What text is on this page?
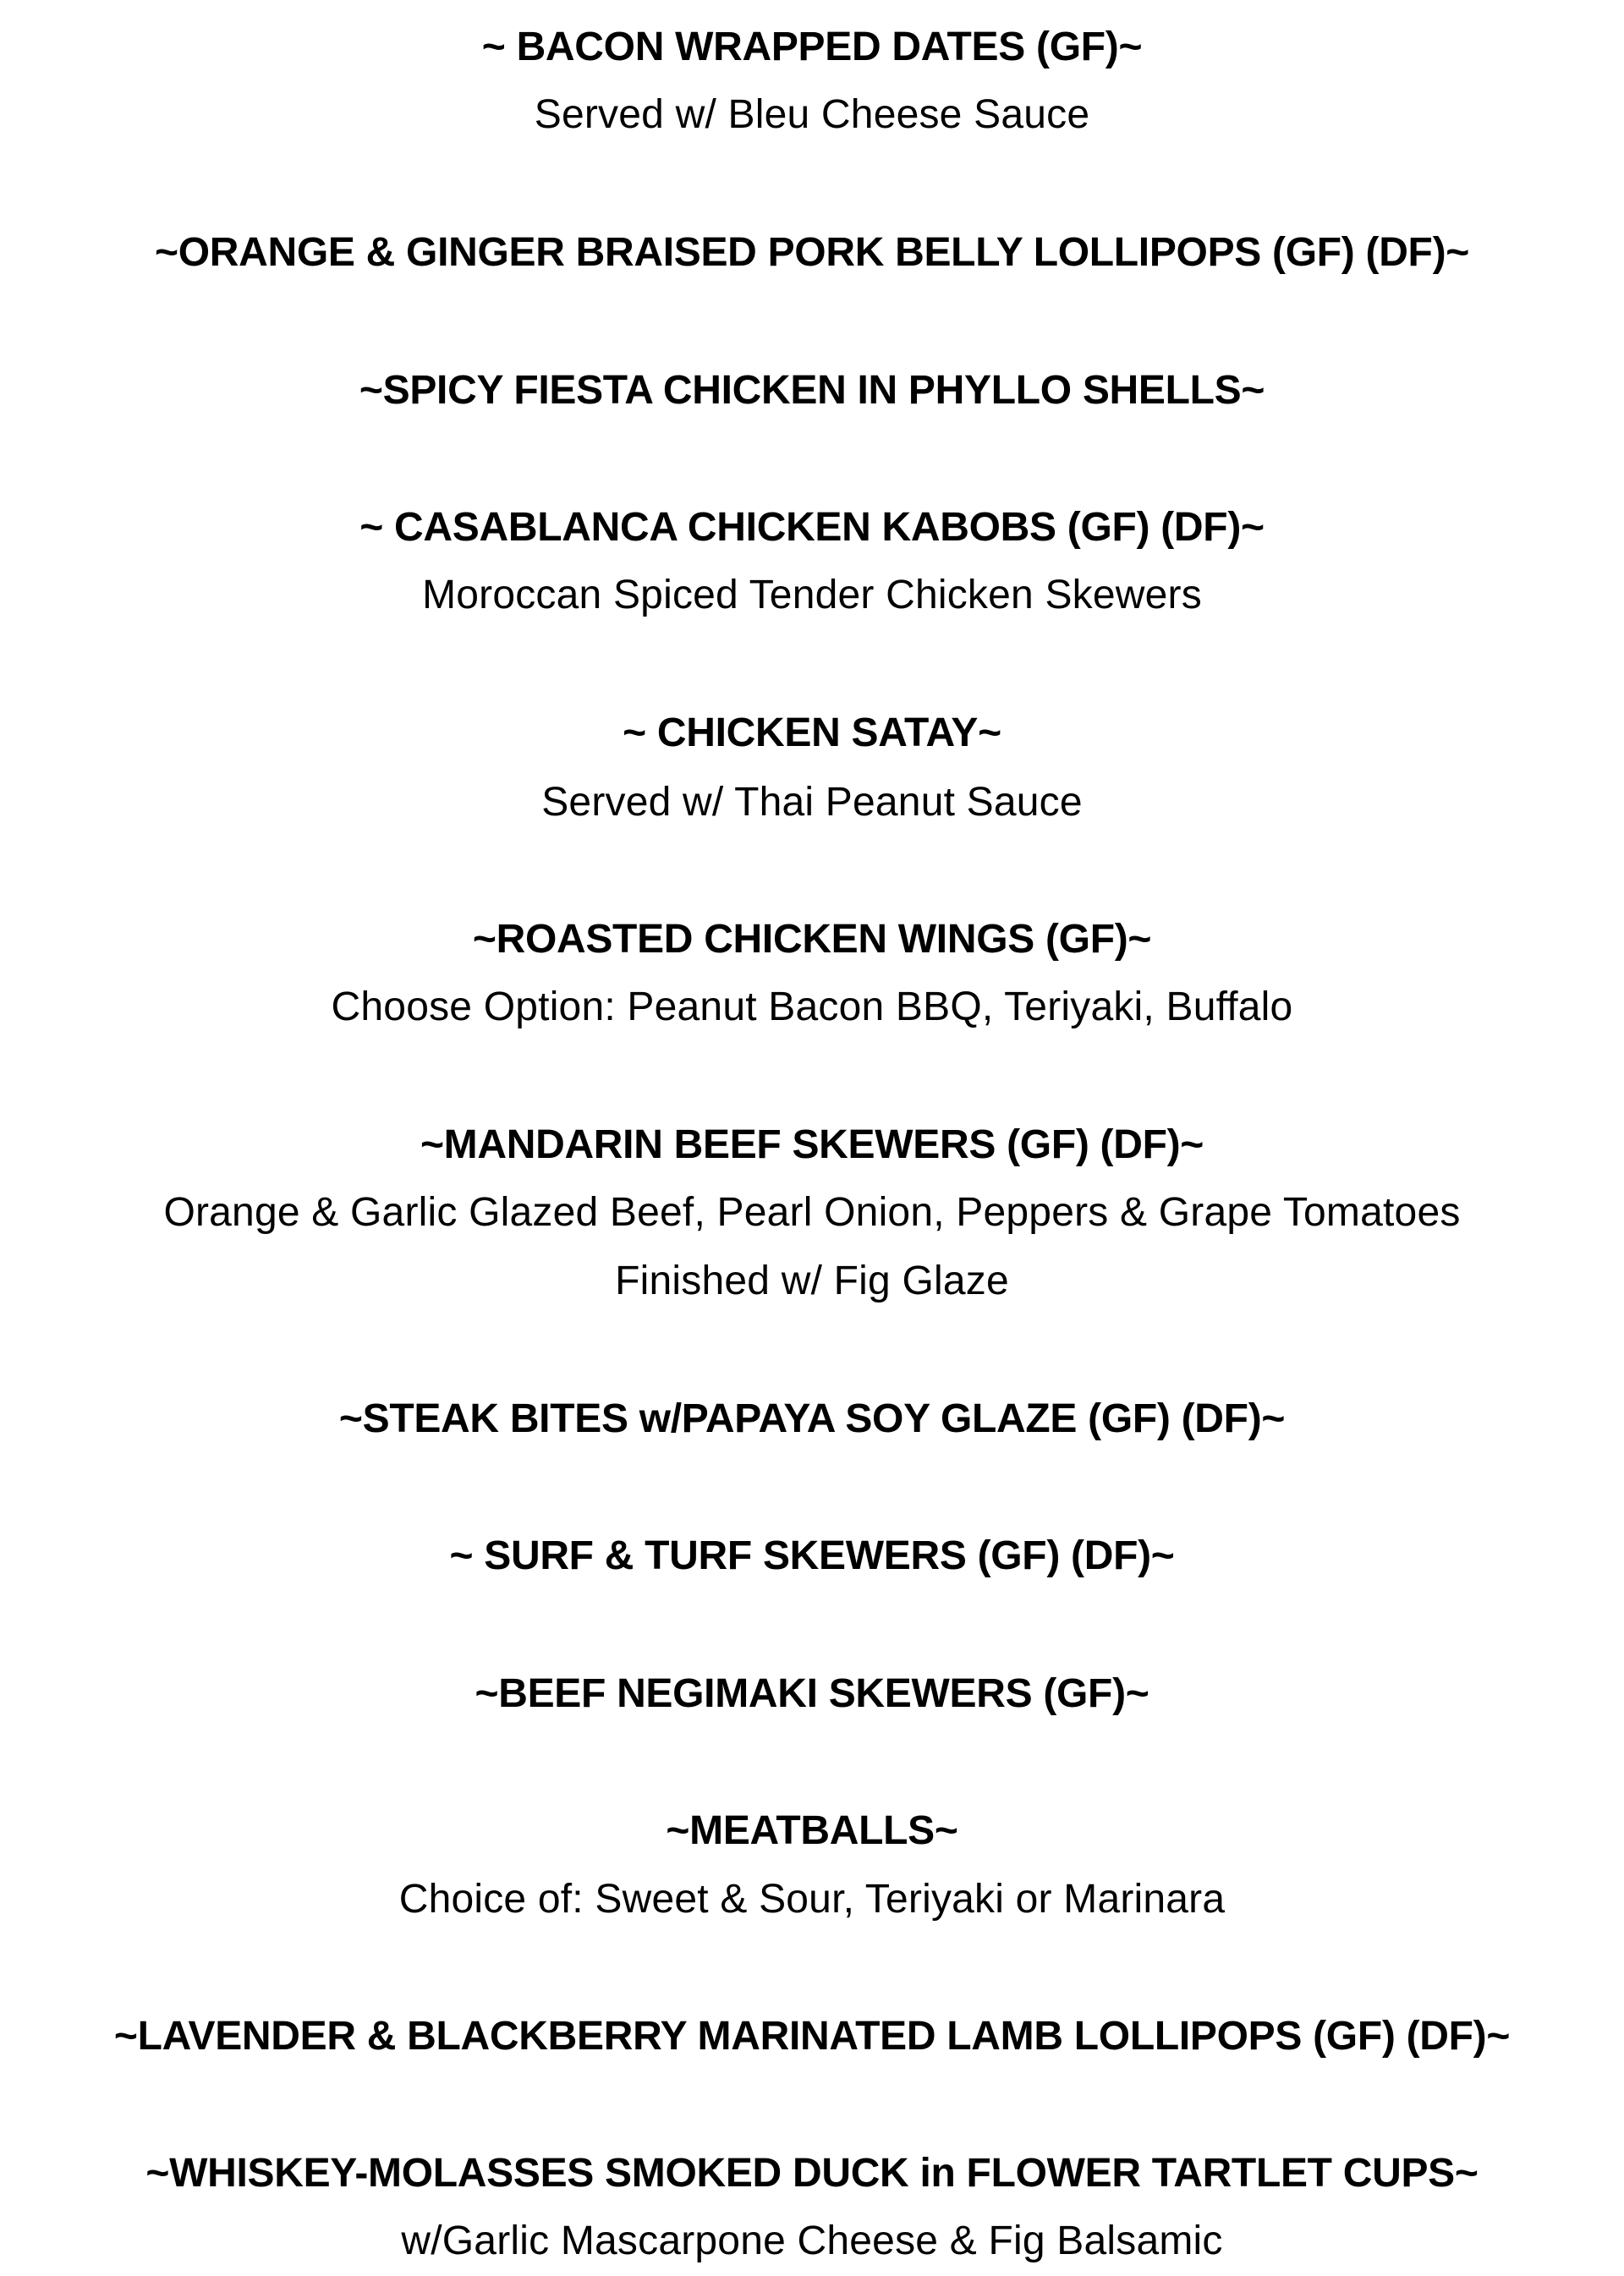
~ BACON WRAPPED DATES (GF)~
Served w/ Bleu Cheese Sauce
~ORANGE & GINGER BRAISED PORK BELLY LOLLIPOPS (GF) (DF)~
~SPICY FIESTA CHICKEN IN PHYLLO SHELLS~
~ CASABLANCA CHICKEN KABOBS (GF) (DF)~
Moroccan Spiced Tender Chicken Skewers
~ CHICKEN SATAY~
Served w/ Thai Peanut Sauce
~ROASTED CHICKEN WINGS (GF)~
Choose Option: Peanut Bacon BBQ, Teriyaki, Buffalo
~MANDARIN BEEF SKEWERS (GF) (DF)~
Orange & Garlic Glazed Beef, Pearl Onion, Peppers & Grape Tomatoes
Finished w/ Fig Glaze
~STEAK BITES w/PAPAYA SOY GLAZE (GF) (DF)~
~ SURF & TURF SKEWERS (GF) (DF)~
~BEEF NEGIMAKI SKEWERS (GF)~
~MEATBALLS~
Choice of: Sweet & Sour, Teriyaki or Marinara
~LAVENDER & BLACKBERRY MARINATED LAMB LOLLIPOPS (GF) (DF)~
~WHISKEY-MOLASSES SMOKED DUCK in FLOWER TARTLET CUPS~
w/Garlic Mascarpone Cheese & Fig Balsamic
